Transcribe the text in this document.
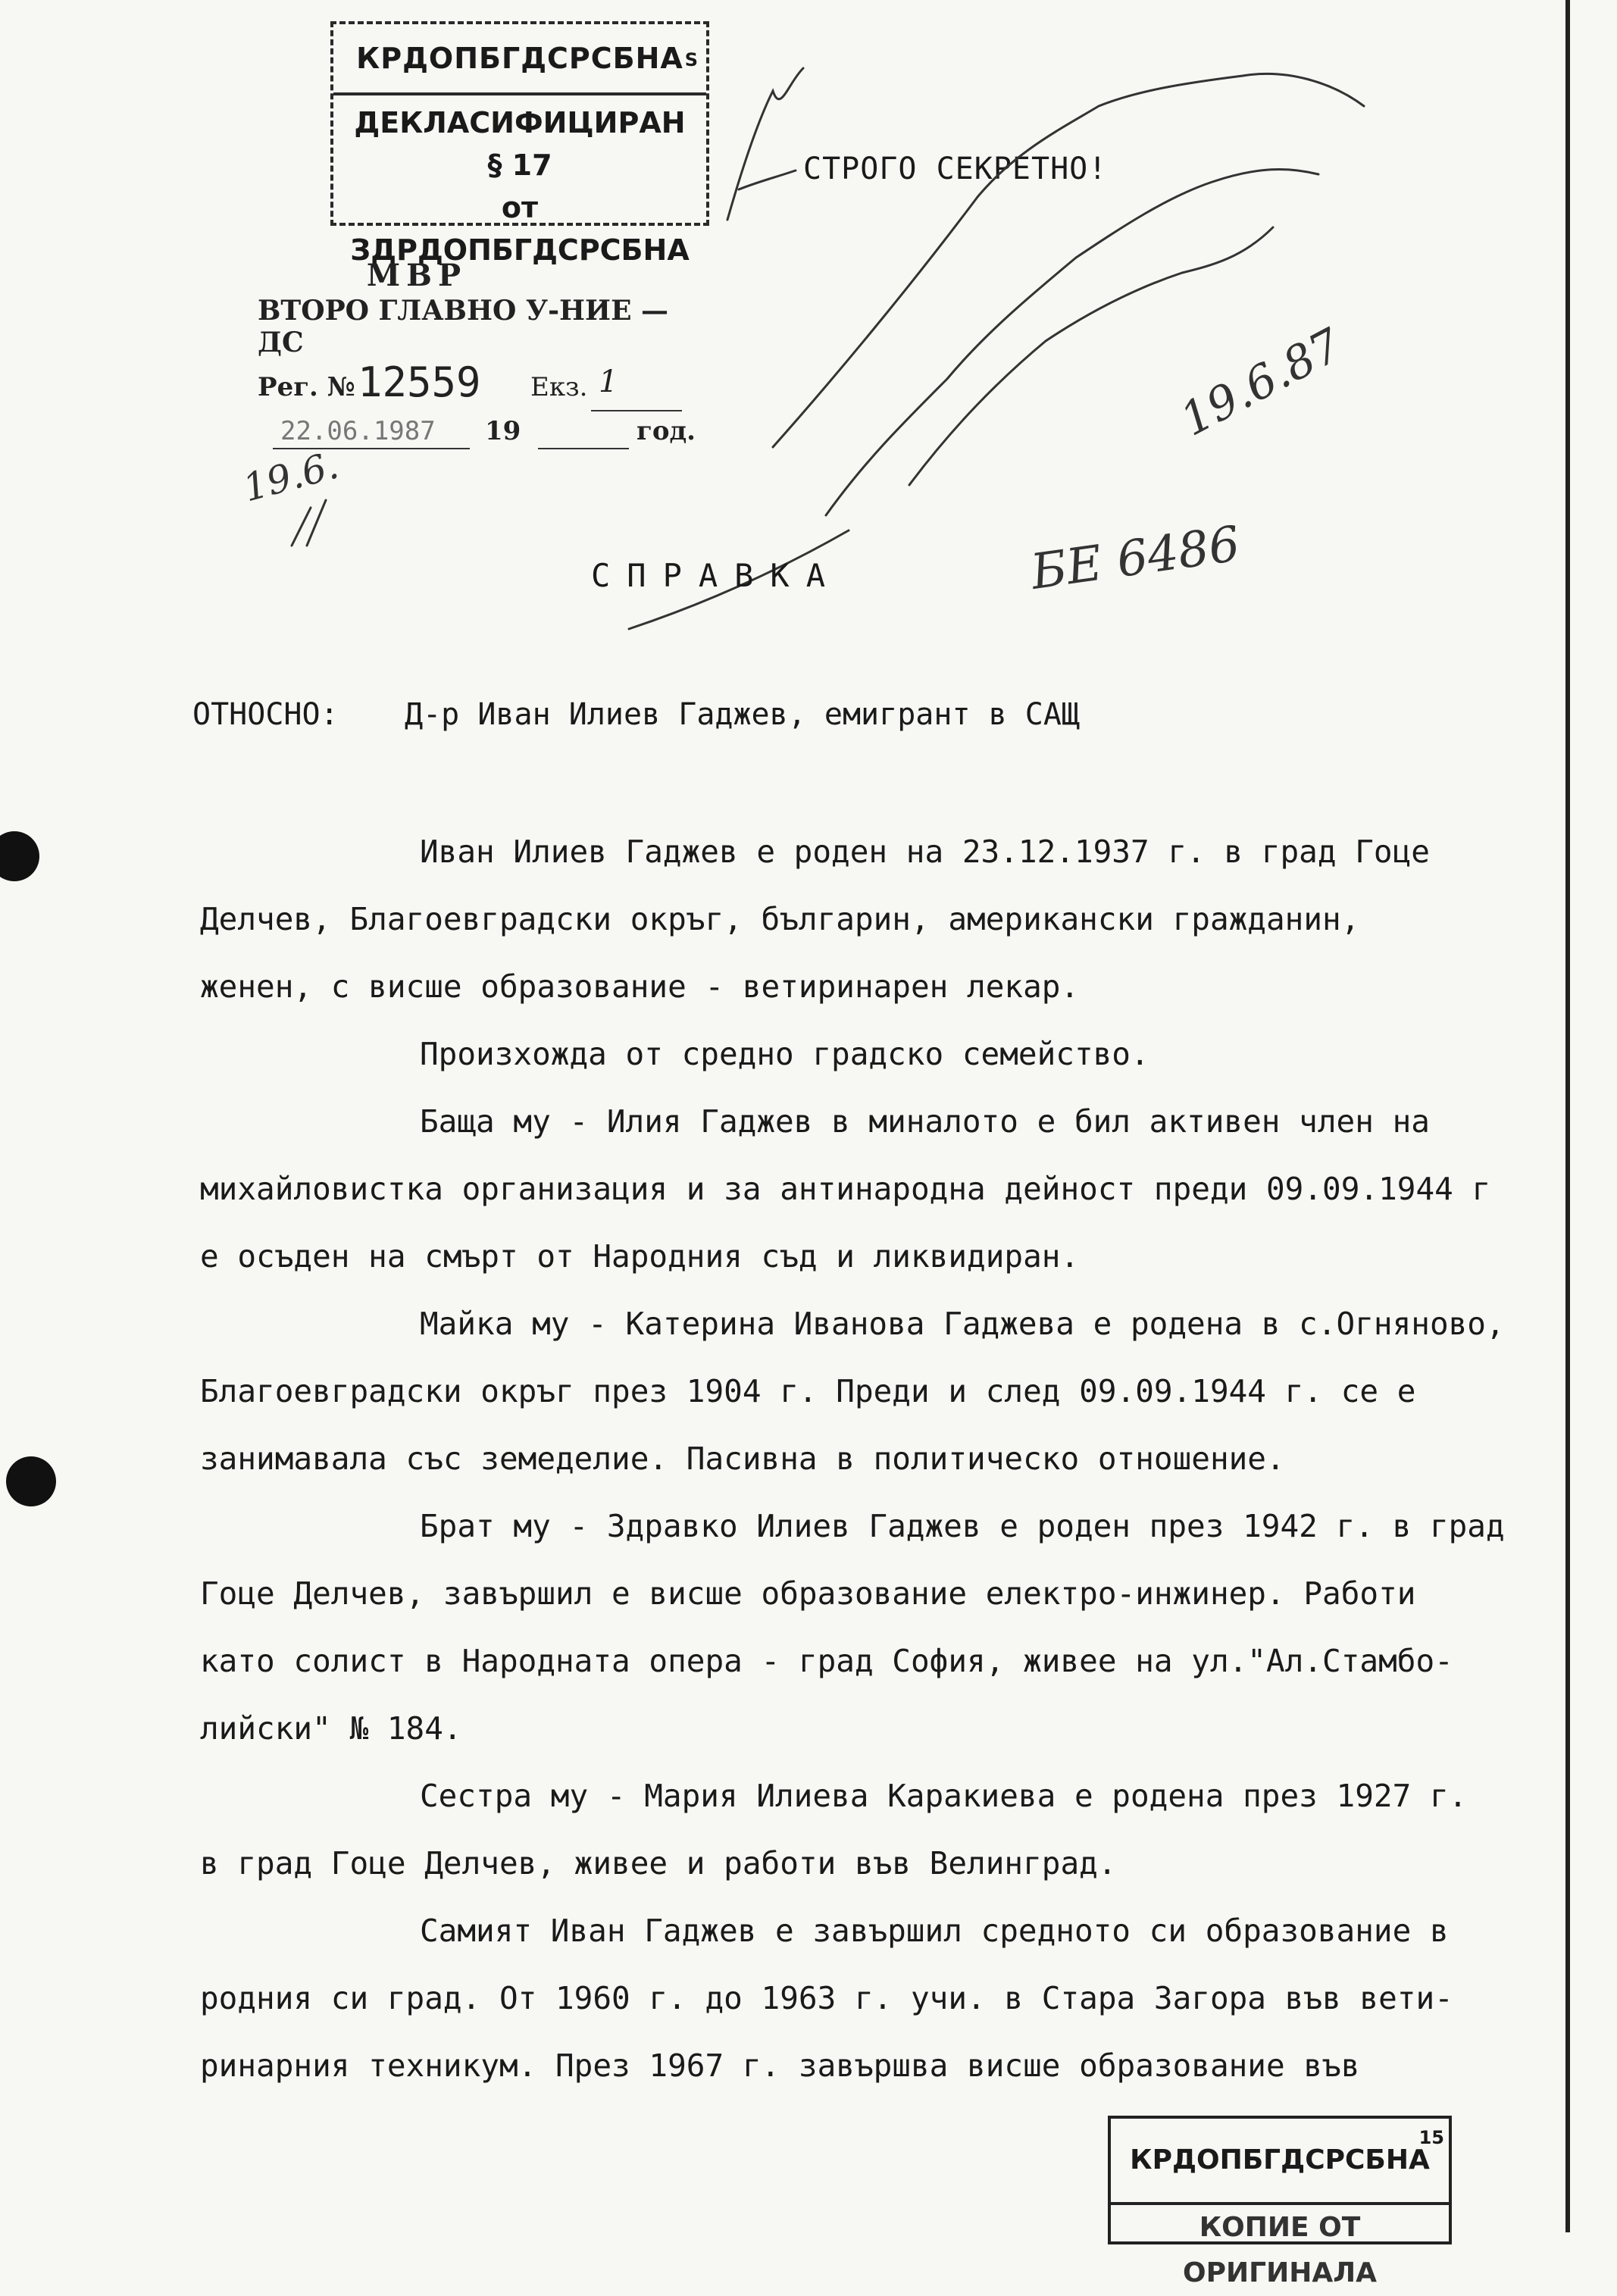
КРДОПБГДСРСБНА S
ДЕКЛАСИФИЦИРАН
§ 17
от ЗДРДОПБГДСРСБНА
МВР
ВТОРО ГЛАВНО У-НИЕ — ДС
Рег. № 12559 Екз. 1
22.06.1987 19	год.
СТРОГО СЕКРЕТНО!
19.6.
БЕ 6486
19.6.87
СПРАВКА
ОТНОСНО: Д-р Иван Илиев Гаджев, емигрант в САЩ

Иван Илиев Гаджев е роден на 23.12.1937 г. в град Гоце
Делчев, Благоевградски окръг, българин, американски гражданин,
женен, с висше образование - ветиринарен лекар.

Произхожда от средно градско семейство.

Баща му - Илия Гаджев в миналото е бил активен член на
михайловистка организация и за антинародна дейност преди 09.09.1944 г
е осъден на смърт от Народния съд и ликвидиран.

Майка му - Катерина Иванова Гаджева е родена в с.Огняново,
Благоевградски окръг през 1904 г. Преди и след 09.09.1944 г. се е
занимавала със земеделие. Пасивна в политическо отношение.

Брат му - Здравко Илиев Гаджев е роден през 1942 г. в град
Гоце Делчев, завършил е висше образование електро-инжинер. Работи
като солист в Народната опера - град София, живее на ул."Ал.Стамбо-
лийски" № 184.

Сестра му - Мария Илиева Каракиева е родена през 1927 г.
в град Гоце Делчев, живее и работи във Велинград.

Самият Иван Гаджев е завършил средното си образование в
родния си град. От 1960 г. до 1963 г. учи. в Стара Загора във вети-
ринарния техникум. През 1967 г. завършва висше образование във

КРДОПБГДСРСБНА
15
КОПИЕ ОТ ОРИГИНАЛА
